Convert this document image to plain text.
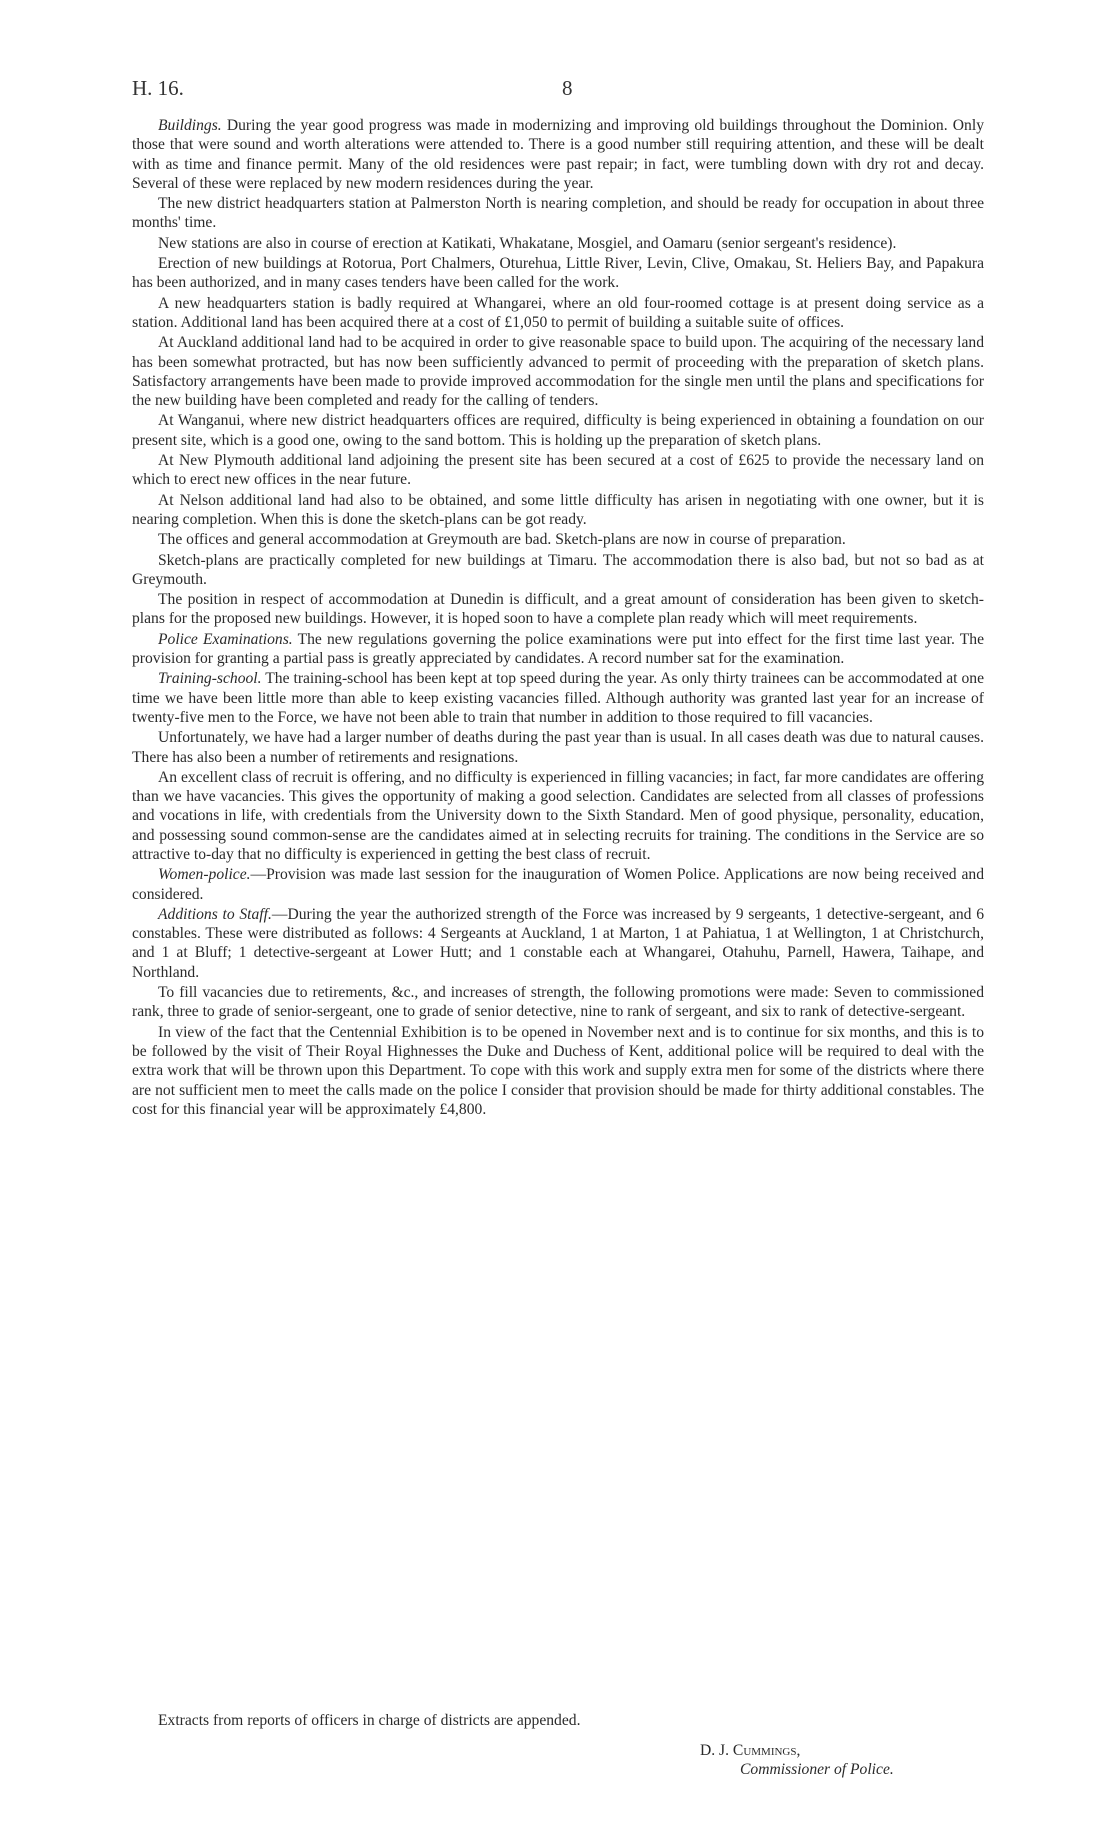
H. 16.	8

Buildings. During the year good progress was made in modernizing and improving old buildings throughout the Dominion. Only those that were sound and worth alterations were attended to. There is a good number still requiring attention, and these will be dealt with as time and finance permit. Many of the old residences were past repair; in fact, were tumbling down with dry rot and decay. Several of these were replaced by new modern residences during the year.

The new district headquarters station at Palmerston North is nearing completion, and should be ready for occupation in about three months' time.

New stations are also in course of erection at Katikati, Whakatane, Mosgiel, and Oamaru (senior sergeant's residence).

Erection of new buildings at Rotorua, Port Chalmers, Oturehua, Little River, Levin, Clive, Omakau, St. Heliers Bay, and Papakura has been authorized, and in many cases tenders have been called for the work.

A new headquarters station is badly required at Whangarei, where an old four-roomed cottage is at present doing service as a station. Additional land has been acquired there at a cost of £1,050 to permit of building a suitable suite of offices.

At Auckland additional land had to be acquired in order to give reasonable space to build upon. The acquiring of the necessary land has been somewhat protracted, but has now been sufficiently advanced to permit of proceeding with the preparation of sketch plans. Satisfactory arrangements have been made to provide improved accommodation for the single men until the plans and specifications for the new building have been completed and ready for the calling of tenders.

At Wanganui, where new district headquarters offices are required, difficulty is being experienced in obtaining a foundation on our present site, which is a good one, owing to the sand bottom. This is holding up the preparation of sketch plans.

At New Plymouth additional land adjoining the present site has been secured at a cost of £625 to provide the necessary land on which to erect new offices in the near future.

At Nelson additional land had also to be obtained, and some little difficulty has arisen in negotiating with one owner, but it is nearing completion. When this is done the sketch-plans can be got ready.

The offices and general accommodation at Greymouth are bad. Sketch-plans are now in course of preparation.

Sketch-plans are practically completed for new buildings at Timaru. The accommodation there is also bad, but not so bad as at Greymouth.

The position in respect of accommodation at Dunedin is difficult, and a great amount of consideration has been given to sketch-plans for the proposed new buildings. However, it is hoped soon to have a complete plan ready which will meet requirements.

Police Examinations. The new regulations governing the police examinations were put into effect for the first time last year. The provision for granting a partial pass is greatly appreciated by candidates. A record number sat for the examination.

Training-school. The training-school has been kept at top speed during the year. As only thirty trainees can be accommodated at one time we have been little more than able to keep existing vacancies filled. Although authority was granted last year for an increase of twenty-five men to the Force, we have not been able to train that number in addition to those required to fill vacancies.

Unfortunately, we have had a larger number of deaths during the past year than is usual. In all cases death was due to natural causes. There has also been a number of retirements and resignations.

An excellent class of recruit is offering, and no difficulty is experienced in filling vacancies; in fact, far more candidates are offering than we have vacancies. This gives the opportunity of making a good selection. Candidates are selected from all classes of professions and vocations in life, with credentials from the University down to the Sixth Standard. Men of good physique, personality, education, and possessing sound common-sense are the candidates aimed at in selecting recruits for training. The conditions in the Service are so attractive to-day that no difficulty is experienced in getting the best class of recruit.

Women-police.—Provision was made last session for the inauguration of Women Police. Applications are now being received and considered.

Additions to Staff.—During the year the authorized strength of the Force was increased by 9 sergeants, 1 detective-sergeant, and 6 constables. These were distributed as follows: 4 Sergeants at Auckland, 1 at Marton, 1 at Pahiatua, 1 at Wellington, 1 at Christchurch, and 1 at Bluff; 1 detective-sergeant at Lower Hutt; and 1 constable each at Whangarei, Otahuhu, Parnell, Hawera, Taihape, and Northland.

To fill vacancies due to retirements, &c., and increases of strength, the following promotions were made: Seven to commissioned rank, three to grade of senior-sergeant, one to grade of senior detective, nine to rank of sergeant, and six to rank of detective-sergeant.

In view of the fact that the Centennial Exhibition is to be opened in November next and is to continue for six months, and this is to be followed by the visit of Their Royal Highnesses the Duke and Duchess of Kent, additional police will be required to deal with the extra work that will be thrown upon this Department. To cope with this work and supply extra men for some of the districts where there are not sufficient men to meet the calls made on the police I consider that provision should be made for thirty additional constables. The cost for this financial year will be approximately £4,800.

Extracts from reports of officers in charge of districts are appended.
D. J. Cummings,
Commissioner of Police.
